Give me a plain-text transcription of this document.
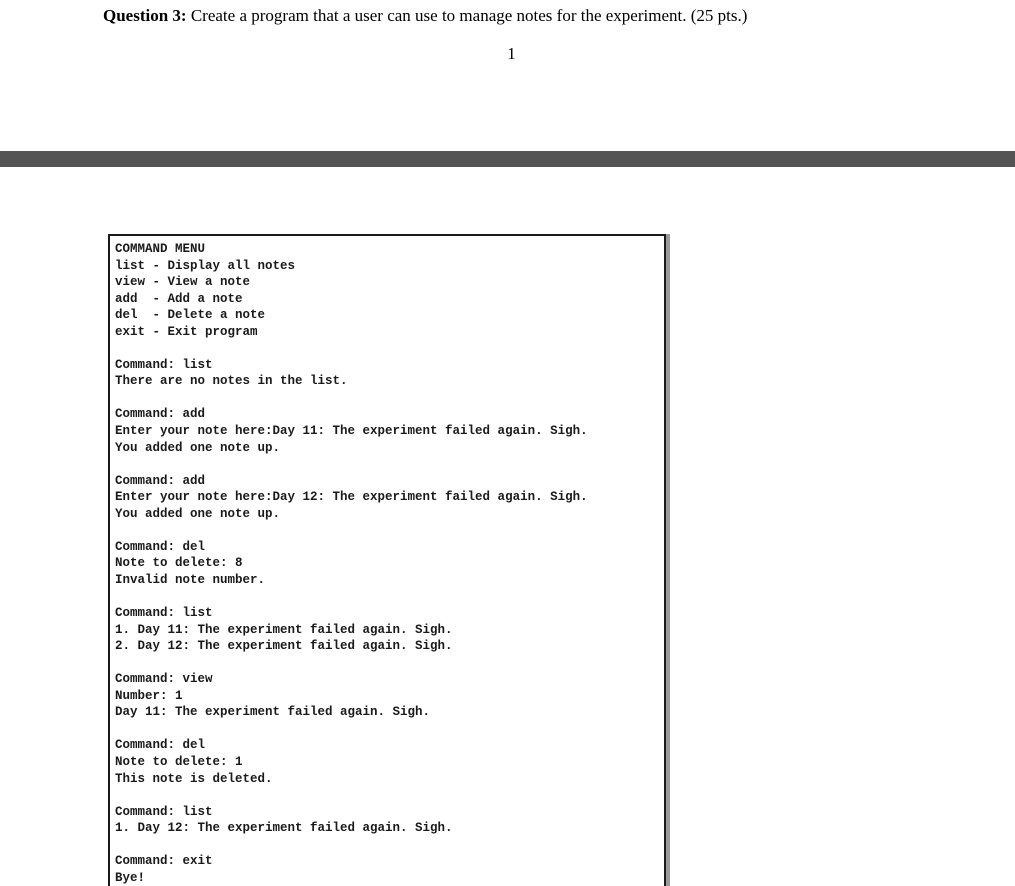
Question 3: Create a program that a user can use to manage notes for the experiment. (25 pts.)
1
COMMAND MENU
list - Display all notes
view - View a note
add  - Add a note
del  - Delete a note
exit - Exit program
Command: list
There are no notes in the list.
Command: add
Enter your note here:Day 11: The experiment failed again. Sigh.
You added one note up.
Command: add
Enter your note here:Day 12: The experiment failed again. Sigh.
You added one note up.
Command: del
Note to delete: 8
Invalid note number.
Command: list
1. Day 11: The experiment failed again. Sigh.
2. Day 12: The experiment failed again. Sigh.
Command: view
Number: 1
Day 11: The experiment failed again. Sigh.
Command: del
Note to delete: 1
This note is deleted.
Command: list
1. Day 12: The experiment failed again. Sigh.
Command: exit
Bye!
